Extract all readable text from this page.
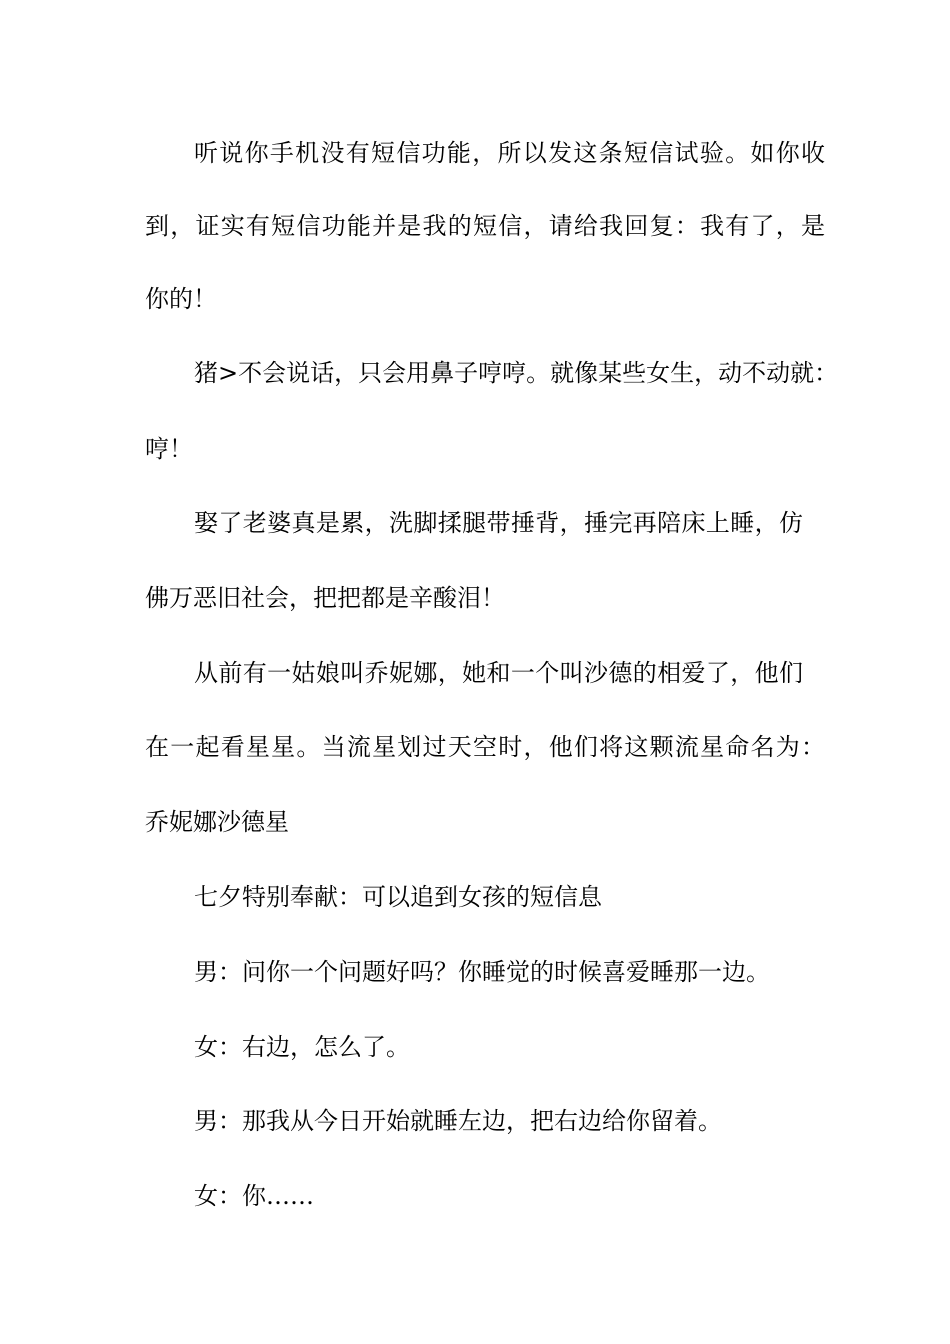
听说你手机没有短信功能，所以发这条短信试验。如你收
到，证实有短信功能并是我的短信，请给我回复：我有了，是
你的！
猪>不会说话，只会用鼻子哼哼。就像某些女生，动不动就：
哼！
娶了老婆真是累，洗脚揉腿带捶背，捶完再陪床上睡，仿
佛万恶旧社会，把把都是辛酸泪！
从前有一姑娘叫乔妮娜，她和一个叫沙德的相爱了，他们
在一起看星星。当流星划过天空时，他们将这颗流星命名为：
乔妮娜沙德星
七夕特别奉献：可以追到女孩的短信息
男：问你一个问题好吗？你睡觉的时候喜爱睡那一边。
女：右边，怎么了。
男：那我从今日开始就睡左边，把右边给你留着。
女：你……
